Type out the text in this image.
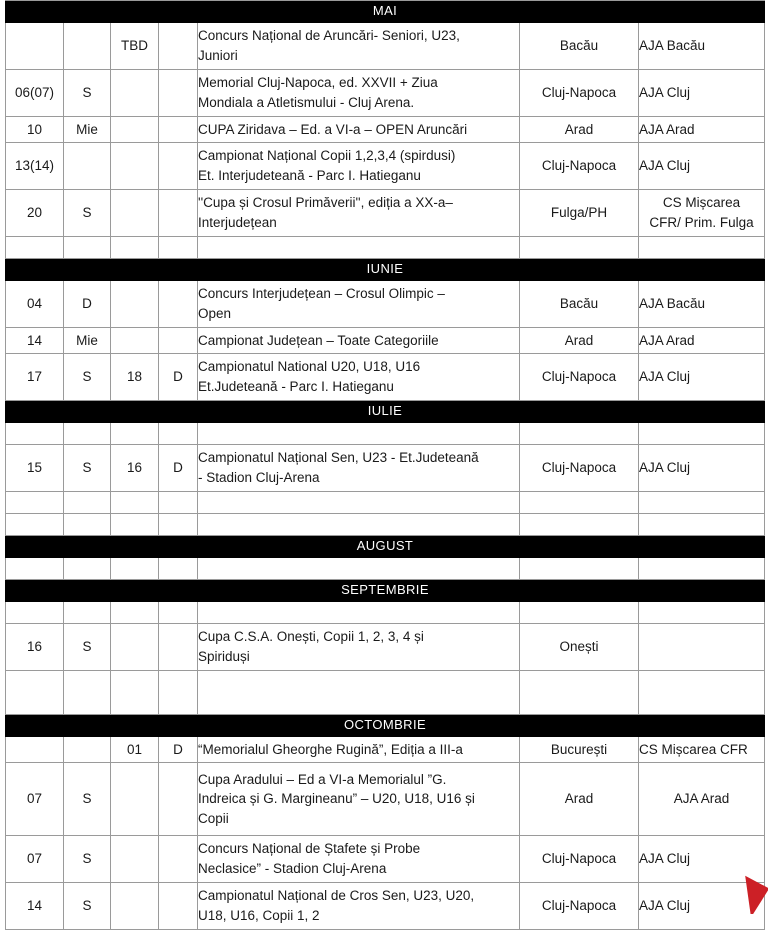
MAI						
		TBD		Concurs Național de Aruncări- Seniori, U23,
Juniori	Bacău	AJA Bacău
06(07)	S			Memorial Cluj-Napoca, ed. XXVII + Ziua
Mondiala a Atletismului - Cluj Arena.	Cluj-Napoca	AJA Cluj
10	Mie			CUPA Ziridava – Ed. a VI-a – OPEN Aruncări	Arad	AJA Arad
13(14)				Campionat Național Copii 1,2,3,4 (spirdusi)
Et. Interjudeteană - Parc I. Hatieganu	Cluj-Napoca	AJA Cluj
20	S			''Cupa și Crosul Primăverii'', ediția a XX-a–
Interjudețean	Fulga/PH	CS Mișcarea
CFR/ Prim. Fulga

IUNIE						
04	D			Concurs Interjudețean – Crosul Olimpic –
Open	Bacău	AJA Bacău
14	Mie			Campionat Județean – Toate Categoriile	Arad	AJA Arad
17	S	18	D	Campionatul National U20, U18, U16
Et.Judeteană - Parc I. Hatieganu	Cluj-Napoca	AJA Cluj
IULIE						

15	S	16	D	Campionatul Național Sen, U23 - Et.Judeteană
- Stadion Cluj-Arena	Cluj-Napoca	AJA Cluj

AUGUST						

SEPTEMBRIE						

16	S			Cupa C.S.A. Onești, Copii 1, 2, 3, 4 și
Spiriduși	Onești	

OCTOMBRIE						
		01	D	“Memorialul Gheorghe Rugină”, Ediția a III-a	București	CS Mișcarea CFR
07	S			Cupa Aradului – Ed a VI-a Memorialul ”G.
Indreica și G. Margineanu” – U20, U18, U16 și
Copii	Arad	AJA Arad
07	S			Concurs Național de Ștafete și Probe
Neclasice” - Stadion Cluj-Arena	Cluj-Napoca	AJA Cluj
14	S			Campionatul Național de Cros Sen, U23, U20,
U18, U16, Copii 1, 2	Cluj-Napoca	AJA Cluj
